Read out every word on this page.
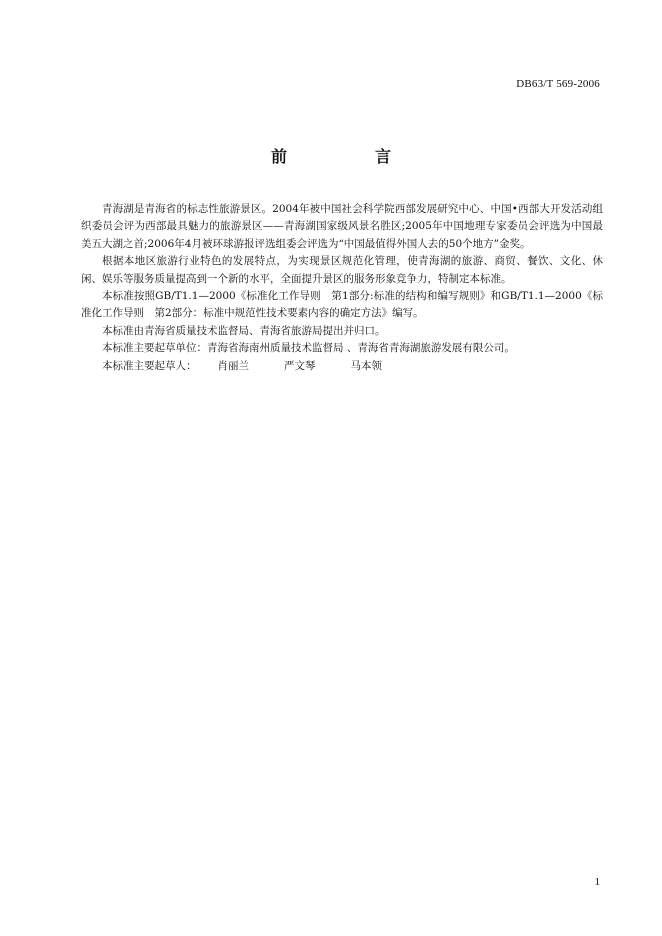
DB63/T 569-2006
前　言

青海湖是青海省的标志性旅游景区。2004年被中国社会科学院西部发展研究中心、中国•西部大开发活动组织委员会评为西部最具魅力的旅游景区——青海湖国家级风景名胜区;2005年中国地理专家委员会评选为中国最美五大湖之首;2006年4月被环球游报评选组委会评选为“中国最值得外国人去的50个地方”金奖。

根据本地区旅游行业特色的发展特点，为实现景区规范化管理，使青海湖的旅游、商贸、餐饮、文化、休闲、娱乐等服务质量提高到一个新的水平，全面提升景区的服务形象竞争力，特制定本标准。

本标准按照GB/T1.1—2000《标准化工作导则　第1部分:标准的结构和编写规则》和GB/T1.1—2000《标准化工作导则　第2部分：标准中规范性技术要素内容的确定方法》编写。

本标准由青海省质量技术监督局、青海省旅游局提出并归口。

本标准主要起草单位：青海省海南州质量技术监督局 、青海省青海湖旅游发展有限公司。

本标准主要起草人： 肖丽兰	严文琴	马本领

1
